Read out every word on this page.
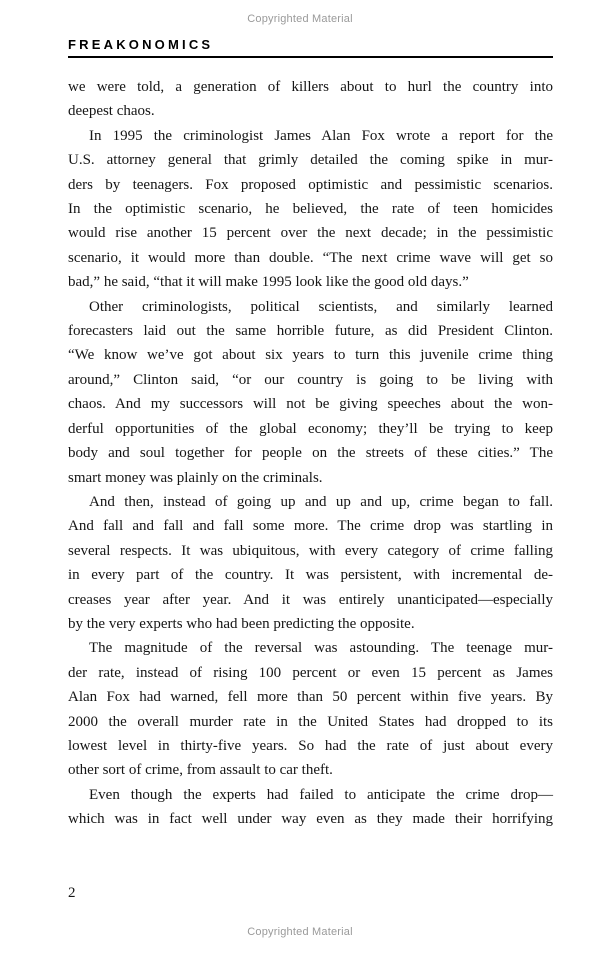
Copyrighted Material
FREAKONOMICS
we were told, a generation of killers about to hurl the country into
deepest chaos.
In 1995 the criminologist James Alan Fox wrote a report for the
U.S. attorney general that grimly detailed the coming spike in mur-
ders by teenagers. Fox proposed optimistic and pessimistic scenarios.
In the optimistic scenario, he believed, the rate of teen homicides
would rise another 15 percent over the next decade; in the pessimistic
scenario, it would more than double. “The next crime wave will get so
bad,” he said, “that it will make 1995 look like the good old days.”
Other criminologists, political scientists, and similarly learned
forecasters laid out the same horrible future, as did President Clinton.
“We know we’ve got about six years to turn this juvenile crime thing
around,” Clinton said, “or our country is going to be living with
chaos. And my successors will not be giving speeches about the won-
derful opportunities of the global economy; they’ll be trying to keep
body and soul together for people on the streets of these cities.” The
smart money was plainly on the criminals.
And then, instead of going up and up and up, crime began to fall.
And fall and fall and fall some more. The crime drop was startling in
several respects. It was ubiquitous, with every category of crime falling
in every part of the country. It was persistent, with incremental de-
creases year after year. And it was entirely unanticipated—especially
by the very experts who had been predicting the opposite.
The magnitude of the reversal was astounding. The teenage mur-
der rate, instead of rising 100 percent or even 15 percent as James
Alan Fox had warned, fell more than 50 percent within five years. By
2000 the overall murder rate in the United States had dropped to its
lowest level in thirty-five years. So had the rate of just about every
other sort of crime, from assault to car theft.
Even though the experts had failed to anticipate the crime drop—
which was in fact well under way even as they made their horrifying
2
Copyrighted Material
